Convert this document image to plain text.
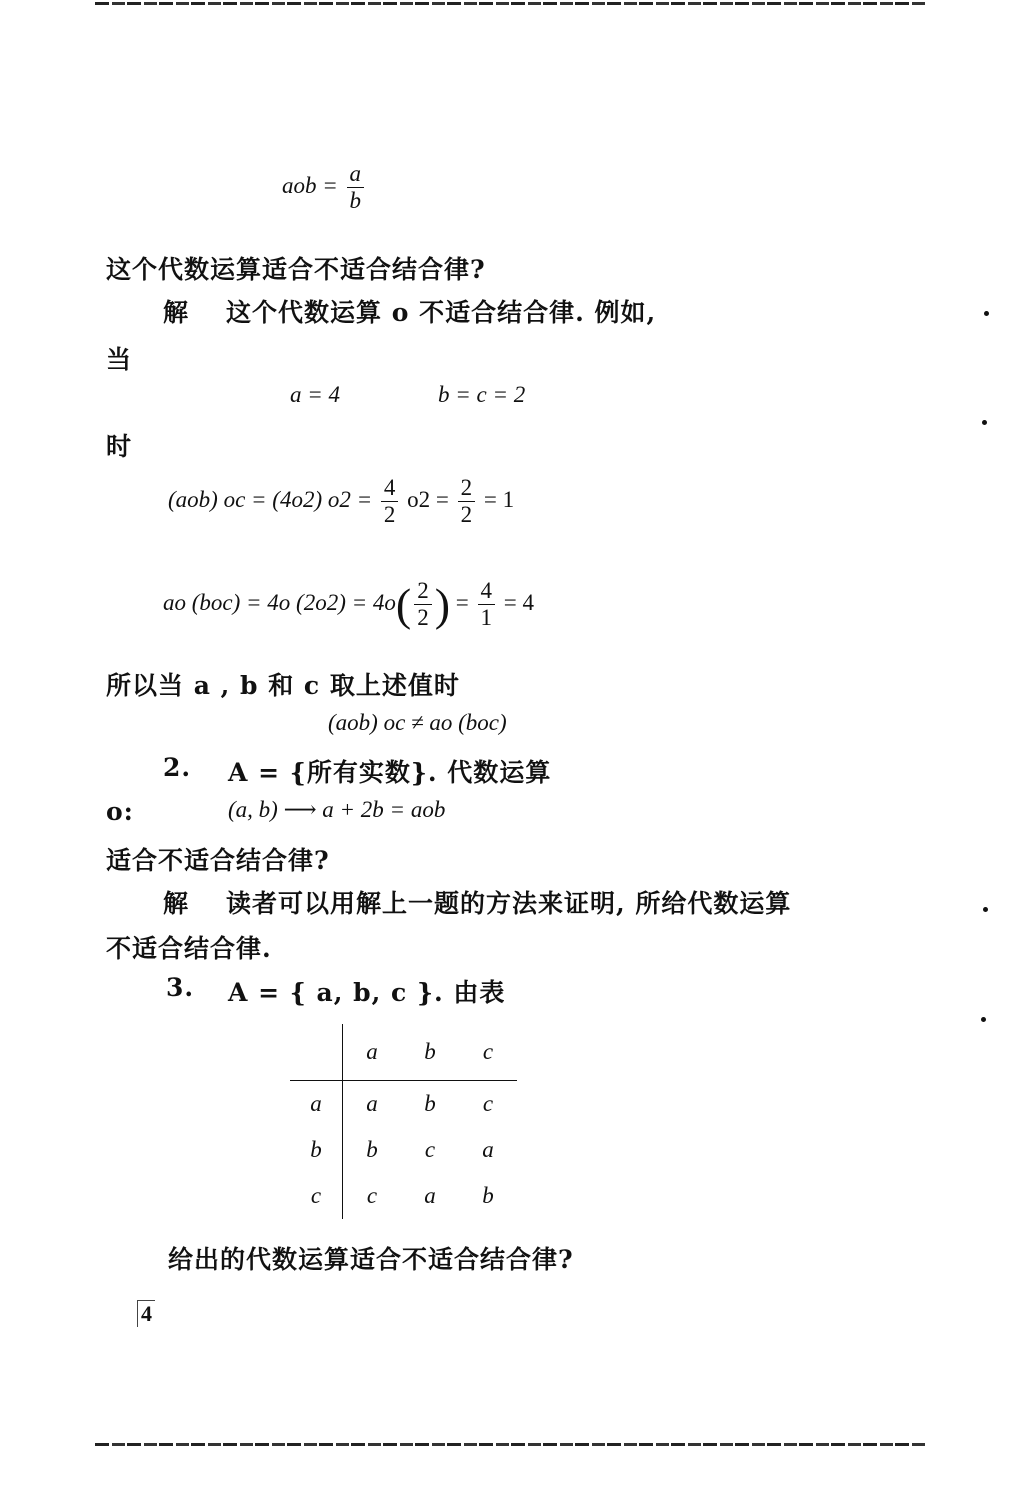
aob = $\frac{a}{b}$
这个代数运算适合不适合结合律?
解 这个代数运算 o 不适合结合律. 例如,
当
a = 4	b = c = 2
时
(aob) oc = (4o2) $o2 = \frac{4}{2} o2 = \frac{2}{2} = 1$
ao (boc) = 4o $(2o2) = 4o( \frac{2}{2}$ ) = $\frac{4}{1} = 4$
所以当 a , b 和 c 取上述值时
(aob) oc ≠ ao (boc)
2. A = {所有实数}. 代数运算
o:	(a, b) ⟶ a + 2b = aob
适合不适合结合律?
解 读者可以用解上一题的方法来证明, 所给代数运算
不适合结合律.
3. A = { a, b, c }. 由表
	a	b	c
a	a	b	c
b	b	c	a
c	c	a	b
给出的代数运算适合不适合结合律?
4
